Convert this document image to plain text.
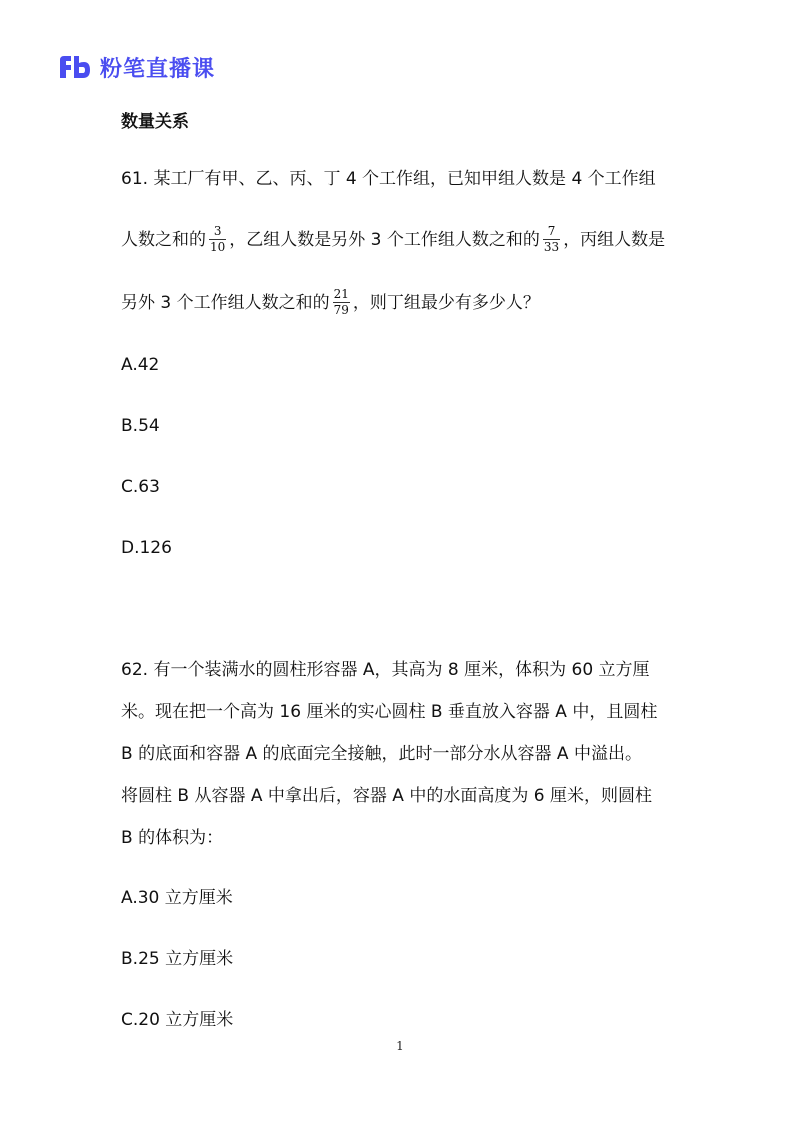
粉笔直播课
数量关系
61. 某工厂有甲、乙、丙、丁 4 个工作组，已知甲组人数是 4 个工作组
人数之和的 $\frac{3}{10}$ ，乙组人数是另外 3 个工作组人数之和的 $\frac{7}{33}$ ，丙组人数是
另外 3 个工作组人数之和的 $\frac{21}{79}$ ，则丁组最少有多少人？
A.42
B.54
C.63
D.126
62. 有一个装满水的圆柱形容器 A，其高为 8 厘米，体积为 60 立方厘
米。现在把一个高为 16 厘米的实心圆柱 B 垂直放入容器 A 中，且圆柱
B 的底面和容器 A 的底面完全接触，此时一部分水从容器 A 中溢出。
将圆柱 B 从容器 A 中拿出后，容器 A 中的水面高度为 6 厘米，则圆柱
B 的体积为：
A.30 立方厘米
B.25 立方厘米
C.20 立方厘米
1
